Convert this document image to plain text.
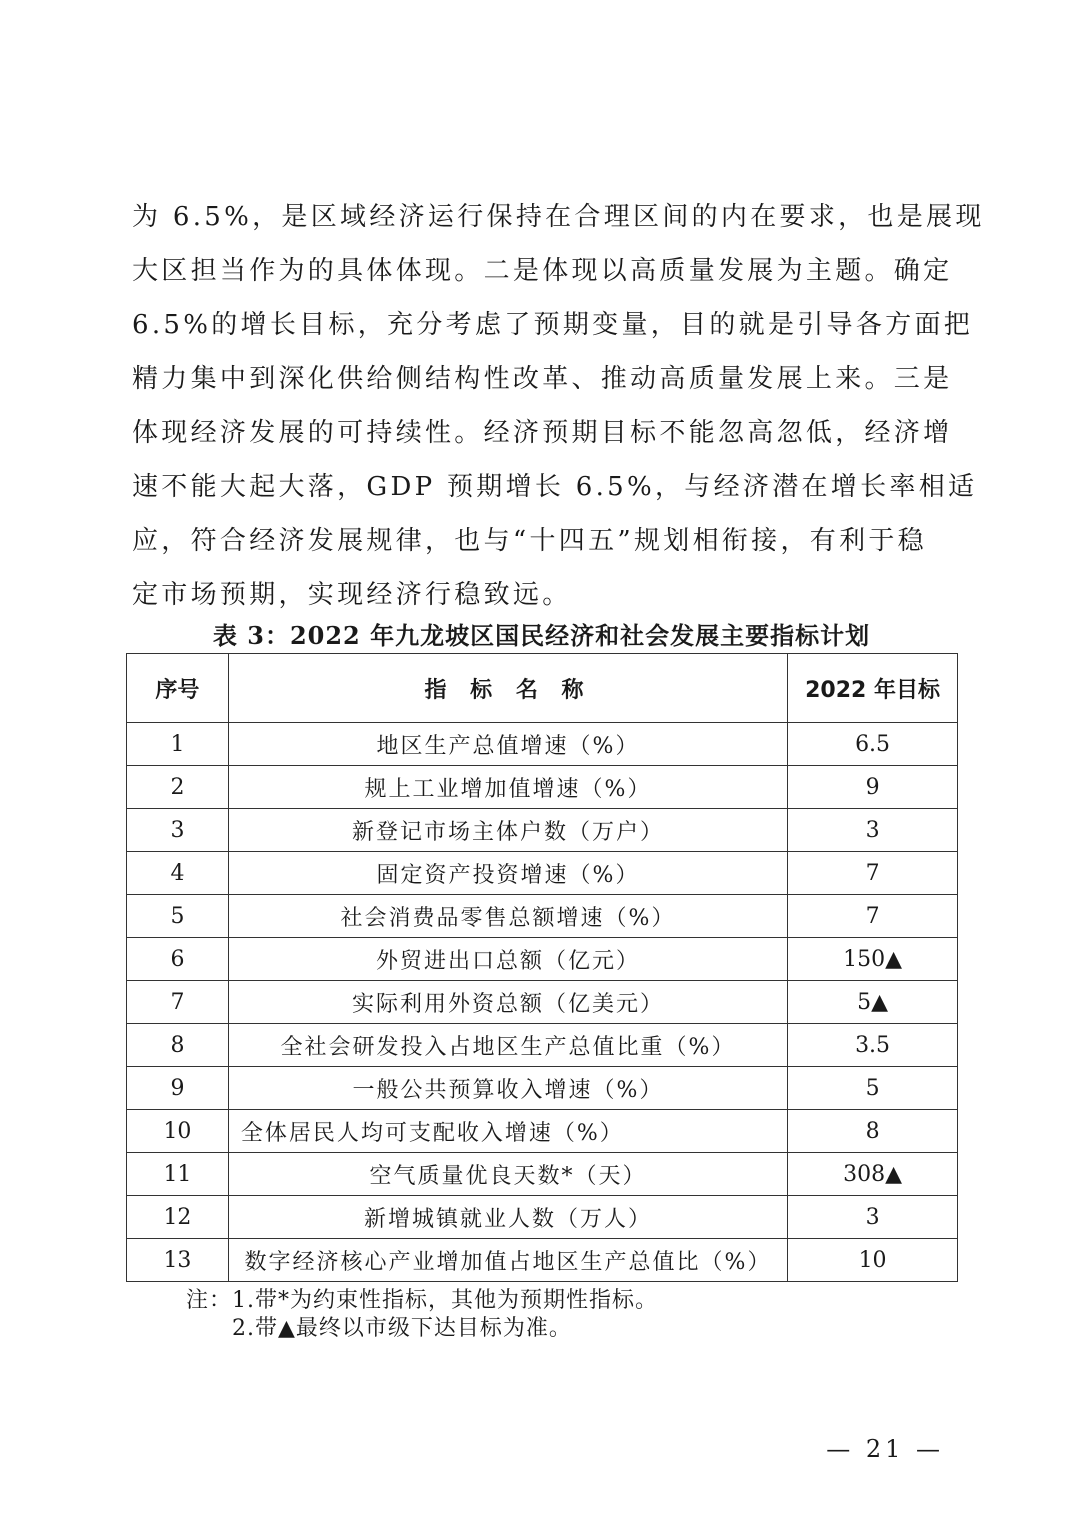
为 6.5%，是区域经济运行保持在合理区间的内在要求，也是展现
大区担当作为的具体体现。二是体现以高质量发展为主题。确定
6.5%的增长目标，充分考虑了预期变量，目的就是引导各方面把
精力集中到深化供给侧结构性改革、推动高质量发展上来。三是
体现经济发展的可持续性。经济预期目标不能忽高忽低，经济增
速不能大起大落，GDP 预期增长 6.5%，与经济潜在增长率相适
应，符合经济发展规律，也与“十四五”规划相衔接，有利于稳
定市场预期，实现经济行稳致远。
表 3：2022 年九龙坡区国民经济和社会发展主要指标计划
序号	指 标 名 称	2022 年目标
1	地区生产总值增速（%）	6.5
2	规上工业增加值增速（%）	9
3	新登记市场主体户数（万户）	3
4	固定资产投资增速（%）	7
5	社会消费品零售总额增速（%）	7
6	外贸进出口总额（亿元）	150▲
7	实际利用外资总额（亿美元）	5▲
8	全社会研发投入占地区生产总值比重（%）	3.5
9	一般公共预算收入增速（%）	5
10	全体居民人均可支配收入增速（%）	8
11	空气质量优良天数*（天）	308▲
12	新增城镇就业人数（万人）	3
13	数字经济核心产业增加值占地区生产总值比（%）	10
注：1.带*为约束性指标，其他为预期性指标。
2.带▲最终以市级下达目标为准。
— 21 —
